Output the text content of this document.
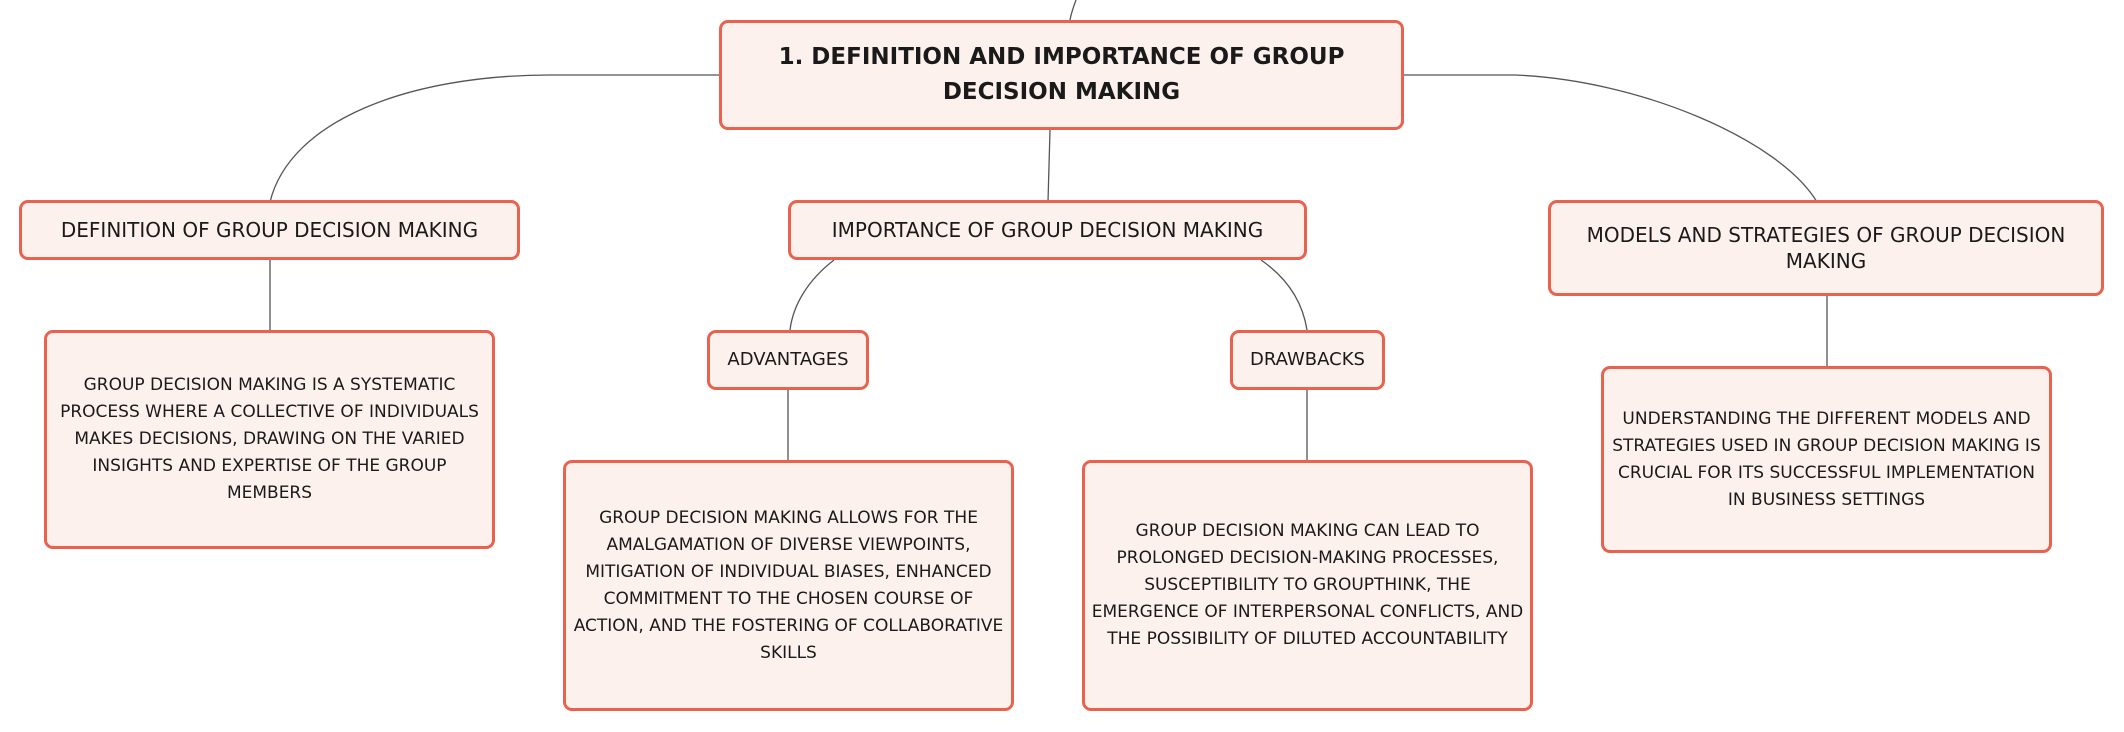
1. DEFINITION AND IMPORTANCE OF GROUP DECISION MAKING
DEFINITION OF GROUP DECISION MAKING	IMPORTANCE OF GROUP DECISION MAKING	MODELS AND STRATEGIES OF GROUP DECISION MAKING
GROUP DECISION MAKING IS A SYSTEMATIC PROCESS WHERE A COLLECTIVE OF INDIVIDUALS MAKES DECISIONS, DRAWING ON THE VARIED INSIGHTS AND EXPERTISE OF THE GROUP MEMBERS
ADVANTAGES	DRAWBACKS
GROUP DECISION MAKING ALLOWS FOR THE AMALGAMATION OF DIVERSE VIEWPOINTS, MITIGATION OF INDIVIDUAL BIASES, ENHANCED COMMITMENT TO THE CHOSEN COURSE OF ACTION, AND THE FOSTERING OF COLLABORATIVE SKILLS
GROUP DECISION MAKING CAN LEAD TO PROLONGED DECISION-MAKING PROCESSES, SUSCEPTIBILITY TO GROUPTHINK, THE EMERGENCE OF INTERPERSONAL CONFLICTS, AND THE POSSIBILITY OF DILUTED ACCOUNTABILITY
UNDERSTANDING THE DIFFERENT MODELS AND STRATEGIES USED IN GROUP DECISION MAKING IS CRUCIAL FOR ITS SUCCESSFUL IMPLEMENTATION IN BUSINESS SETTINGS
